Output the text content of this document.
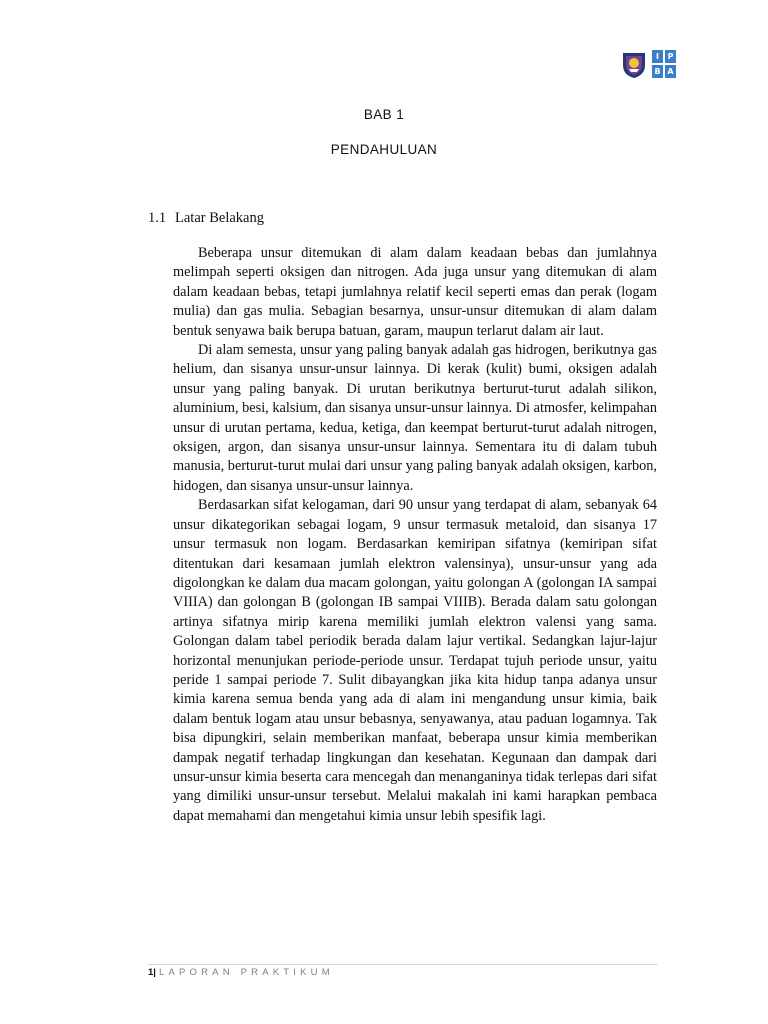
I	P
B A
BAB 1
PENDAHULUAN
1.1 Latar Belakang

Beberapa unsur ditemukan di alam dalam keadaan bebas dan jumlahnya melimpah seperti oksigen dan nitrogen. Ada juga unsur yang ditemukan di alam dalam keadaan bebas, tetapi jumlahnya relatif kecil seperti emas dan perak (logam mulia) dan gas mulia. Sebagian besarnya, unsur-unsur ditemukan di alam dalam bentuk senyawa baik berupa batuan, garam, maupun terlarut dalam air laut.

Di alam semesta, unsur yang paling banyak adalah gas hidrogen, berikutnya gas helium, dan sisanya unsur-unsur lainnya. Di kerak (kulit) bumi, oksigen adalah unsur yang paling banyak. Di urutan berikutnya berturut-turut adalah silikon, aluminium, besi, kalsium, dan sisanya unsur-unsur lainnya. Di atmosfer, kelimpahan unsur di urutan pertama, kedua, ketiga, dan keempat berturut-turut adalah nitrogen, oksigen, argon, dan sisanya unsur-unsur lainnya. Sementara itu di dalam tubuh manusia, berturut-turut mulai dari unsur yang paling banyak adalah oksigen, karbon, hidogen, dan sisanya unsur-unsur lainnya.

Berdasarkan sifat kelogaman, dari 90 unsur yang terdapat di alam, sebanyak 64 unsur dikategorikan sebagai logam, 9 unsur termasuk metaloid, dan sisanya 17 unsur termasuk non logam. Berdasarkan kemiripan sifatnya (kemiripan sifat ditentukan dari kesamaan jumlah elektron valensinya), unsur-unsur yang ada digolongkan ke dalam dua macam golongan, yaitu golongan A (golongan IA sampai VIIIA) dan golongan B (golongan IB sampai VIIIB). Berada dalam satu golongan artinya sifatnya mirip karena memiliki jumlah elektron valensi yang sama. Golongan dalam tabel periodik berada dalam lajur vertikal. Sedangkan lajur-lajur horizontal menunjukan periode-periode unsur. Terdapat tujuh periode unsur, yaitu peride 1 sampai periode 7. Sulit dibayangkan jika kita hidup tanpa adanya unsur kimia karena semua benda yang ada di alam ini mengandung unsur kimia, baik dalam bentuk logam atau unsur bebasnya, senyawanya, atau paduan logamnya. Tak bisa dipungkiri, selain memberikan manfaat, beberapa unsur kimia memberikan dampak negatif terhadap lingkungan dan kesehatan. Kegunaan dan dampak dari unsur-unsur kimia beserta cara mencegah dan menanganinya tidak terlepas dari sifat yang dimiliki unsur-unsur tersebut. Melalui makalah ini kami harapkan pembaca dapat memahami dan mengetahui kimia unsur lebih spesifik lagi.

1| LAPORAN PRAKTIKUM
